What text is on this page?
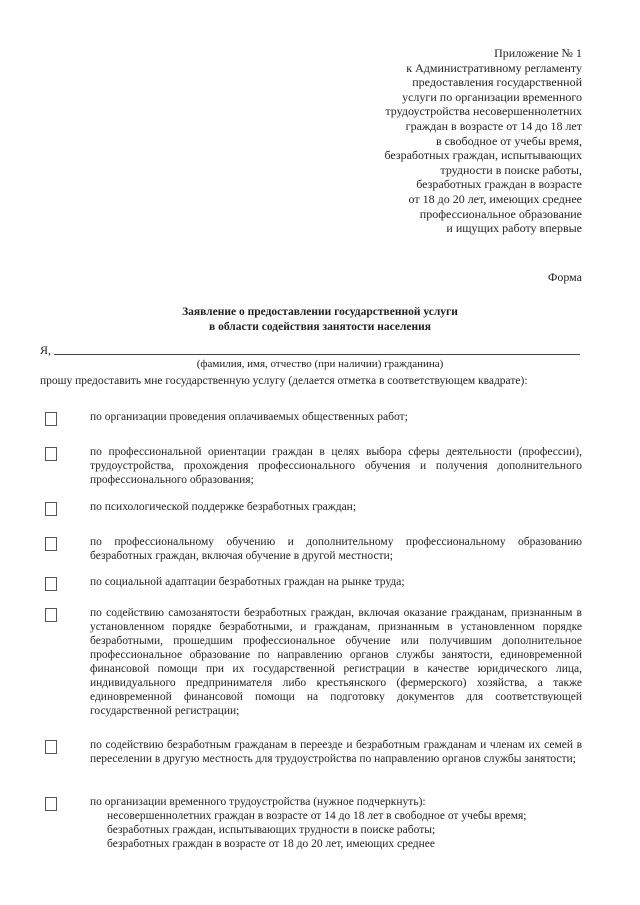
Приложение № 1
к Административному регламенту
предоставления государственной
услуги по организации временного
трудоустройства несовершеннолетних
граждан в возрасте от 14 до 18 лет
в свободное от учебы время,
безработных граждан, испытывающих
трудности в поиске работы,
безработных граждан в возрасте
от 18 до 20 лет, имеющих среднее
профессиональное образование
и ищущих работу впервые
Форма
Заявление о предоставлении государственной услуги
в области содействия занятости населения
Я,
(фамилия, имя, отчество (при наличии) гражданина)
прошу предоставить мне государственную услугу (делается отметка в соответствующем квадрате):
по организации проведения оплачиваемых общественных работ;
по профессиональной ориентации граждан в целях выбора сферы деятельности (профессии), трудоустройства, прохождения профессионального обучения и получения дополнительного профессионального образования;
по психологической поддержке безработных граждан;
по профессиональному обучению и дополнительному профессиональному образованию безработных граждан, включая обучение в другой местности;
по социальной адаптации безработных граждан на рынке труда;
по содействию самозанятости безработных граждан, включая оказание гражданам, признанным в установленном порядке безработными, и гражданам, признанным в установленном порядке безработными, прошедшим профессиональное обучение или получившим дополнительное профессиональное образование по направлению органов службы занятости, единовременной финансовой помощи при их государственной регистрации в качестве юридического лица, индивидуального предпринимателя либо крестьянского (фермерского) хозяйства, а также единовременной финансовой помощи на подготовку документов для соответствующей государственной регистрации;
по содействию безработным гражданам в переезде и безработным гражданам и членам их семей в переселении в другую местность для трудоустройства по направлению органов службы занятости;
по организации временного трудоустройства (нужное подчеркнуть):
несовершеннолетних граждан в возрасте от 14 до 18 лет в свободное от учебы время;
безработных граждан, испытывающих трудности в поиске работы;
безработных граждан в возрасте от 18 до 20 лет, имеющих среднее
